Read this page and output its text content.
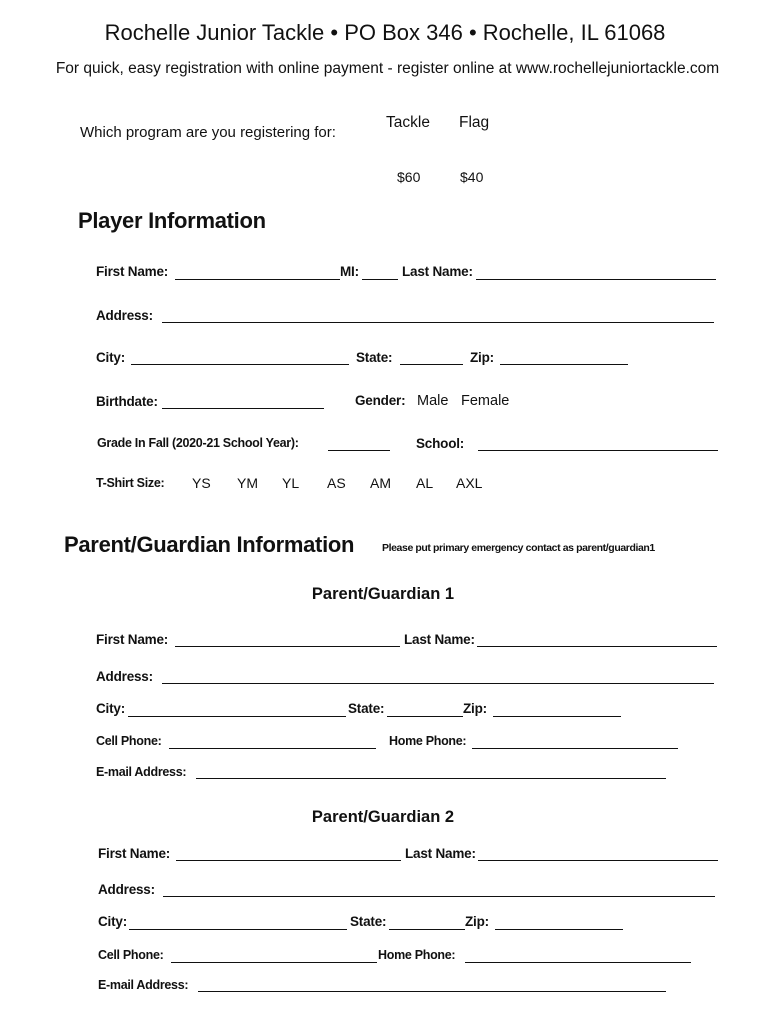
Rochelle Junior Tackle • PO Box 346 • Rochelle, IL 61068
For quick, easy registration with online payment - register online at www.rochellejuniortackle.com
Which program are you registering for:
Tackle Flag
$60	$40
Player Information
First Name:	MI:	Last Name:
Address:
City:	State:	Zip:
Birthdate:	Gender: Male Female
Grade In Fall (2020-21 School Year):	School:
T-Shirt Size: YS YM YL AS AM AL AXL
Parent/Guardian Information	Please put primary emergency contact as parent/guardian1
Parent/Guardian 1
First Name:	Last Name:
Address:
City:	State:	Zip:
Cell Phone:	Home Phone:
E-mail Address:
Parent/Guardian 2
First Name:	Last Name:
Address:
City:	State:	Zip:
Cell Phone:	Home Phone:
E-mail Address:
